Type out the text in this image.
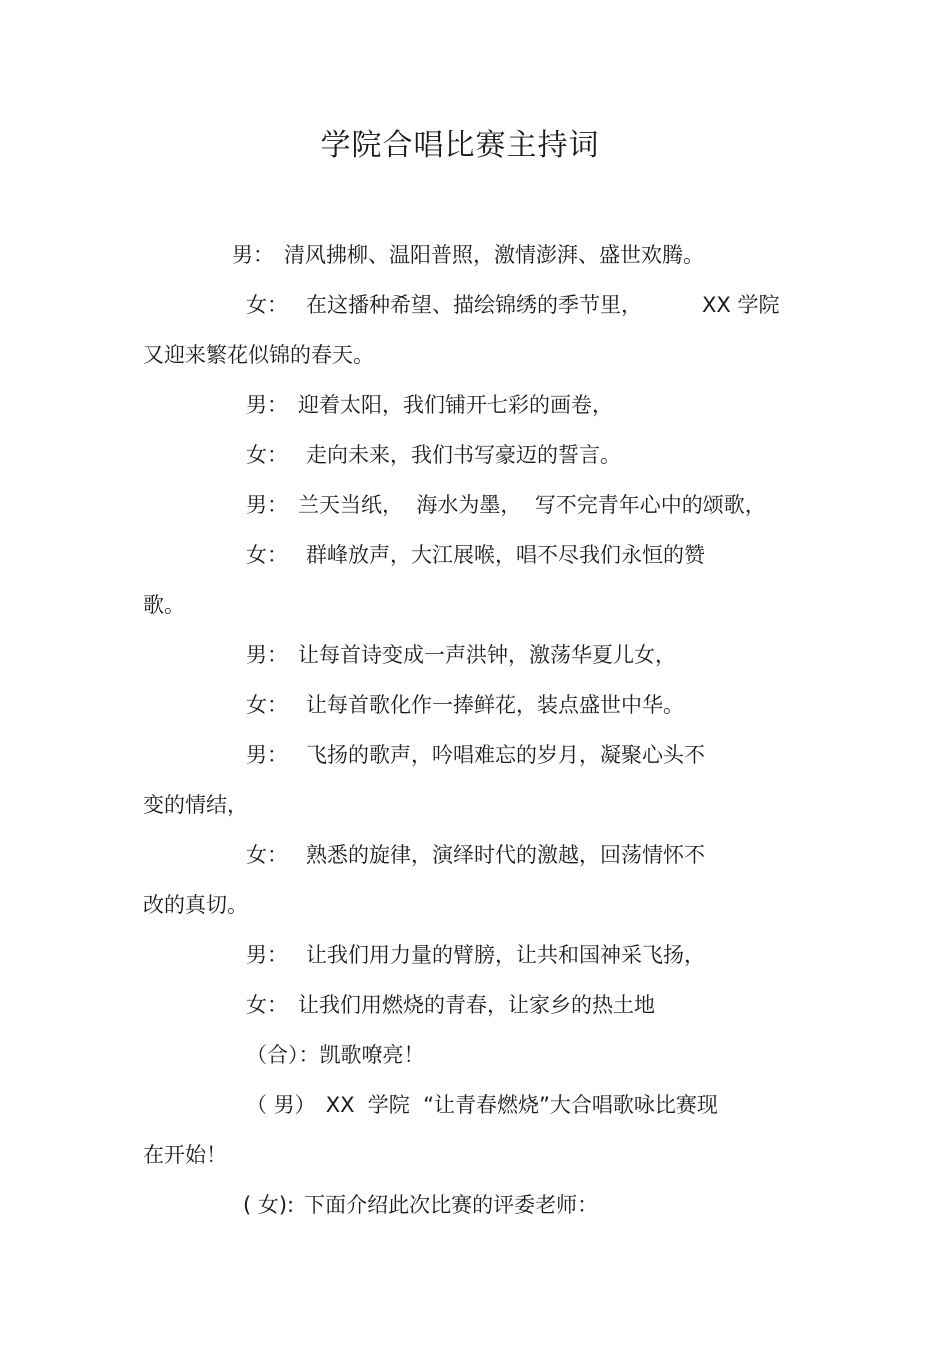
学院合唱比赛主持词
男： 清风拂柳、温阳普照，激情澎湃、盛世欢腾。
女： 在这播种希望、描绘锦绣的季节里，	XX 学院
又迎来繁花似锦的春天。
男： 迎着太阳，我们铺开七彩的画卷，
女： 走向未来，我们书写豪迈的誓言。
男： 兰天当纸，  海水为墨，  写不完青年心中的颂歌，
女： 群峰放声，大江展喉，唱不尽我们永恒的赞
歌。
男： 让每首诗变成一声洪钟，激荡华夏儿女，
女： 让每首歌化作一捧鲜花，装点盛世中华。
男： 飞扬的歌声，吟唱难忘的岁月，凝聚心头不
变的情结，
女： 熟悉的旋律，演绎时代的激越，回荡情怀不
改的真切。
男： 让我们用力量的臂膀，让共和国神采飞扬，
女： 让我们用燃烧的青春，让家乡的热土地
（合）：凯歌嘹亮！
（ 男） XX  学院  “让青春燃烧”大合唱歌咏比赛现
在开始！
( 女): 下面介绍此次比赛的评委老师：
